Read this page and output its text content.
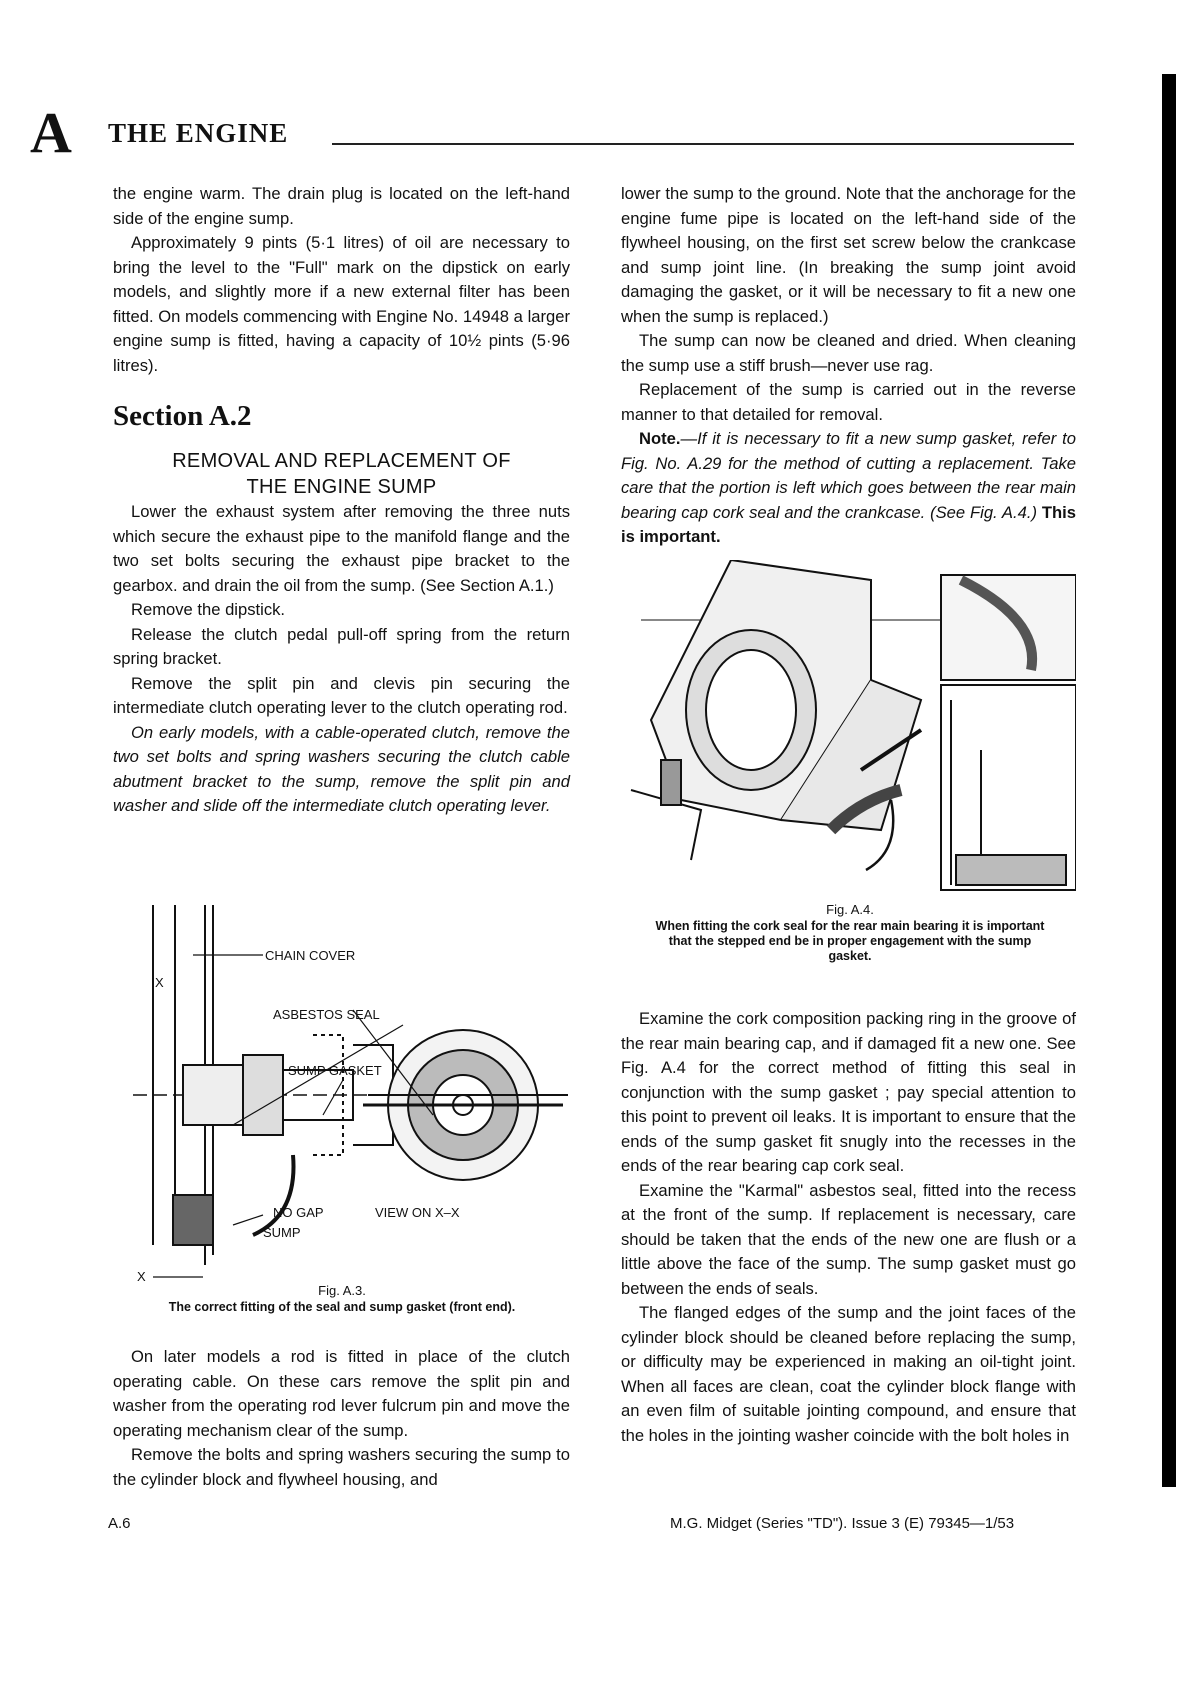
A THE ENGINE

the engine warm. The drain plug is located on the left-hand side of the engine sump.

Approximately 9 pints (5·1 litres) of oil are necessary to bring the level to the "Full" mark on the dipstick on early models, and slightly more if a new external filter has been fitted. On models commencing with Engine No. 14948 a larger engine sump is fitted, having a capacity of 10½ pints (5·96 litres).

Section A.2
REMOVAL AND REPLACEMENT OF
THE ENGINE SUMP

Lower the exhaust system after removing the three nuts which secure the exhaust pipe to the manifold flange and the two set bolts securing the exhaust pipe bracket to the gearbox. and drain the oil from the sump. (See Section A.1.)

Remove the dipstick.

Release the clutch pedal pull-off spring from the return spring bracket.

Remove the split pin and clevis pin securing the intermediate clutch operating lever to the clutch operating rod.

On early models, with a cable-operated clutch, remove the two set bolts and spring washers securing the clutch cable abutment bracket to the sump, remove the split pin and washer and slide off the intermediate clutch operating lever.

CHAIN COVER
ASBESTOS SEAL
SUMP GASKET
NO GAP
SUMP
VIEW ON X–X
X
X
Fig. A.3.
The correct fitting of the seal and sump gasket (front end).

On later models a rod is fitted in place of the clutch operating cable. On these cars remove the split pin and washer from the operating rod lever fulcrum pin and move the operating mechanism clear of the sump.

Remove the bolts and spring washers securing the sump to the cylinder block and flywheel housing, and

lower the sump to the ground. Note that the anchorage for the engine fume pipe is located on the left-hand side of the flywheel housing, on the first set screw below the crankcase and sump joint line. (In breaking the sump joint avoid damaging the gasket, or it will be necessary to fit a new one when the sump is replaced.)

The sump can now be cleaned and dried. When cleaning the sump use a stiff brush—never use rag.

Replacement of the sump is carried out in the reverse manner to that detailed for removal.

Note.—If it is necessary to fit a new sump gasket, refer to Fig. No. A.29 for the method of cutting a replacement. Take care that the portion is left which goes between the rear main bearing cap cork seal and the crankcase. (See Fig. A.4.) This is important.

Fig. A.4.
When fitting the cork seal for the rear main bearing it is important that the stepped end be in proper engagement with the sump gasket.

Examine the cork composition packing ring in the groove of the rear main bearing cap, and if damaged fit a new one. See Fig. A.4 for the correct method of fitting this seal in conjunction with the sump gasket ; pay special attention to this point to prevent oil leaks. It is important to ensure that the ends of the sump gasket fit snugly into the recesses in the ends of the rear bearing cap cork seal.

Examine the "Karmal" asbestos seal, fitted into the recess at the front of the sump. If replacement is necessary, care should be taken that the ends of the new one are flush or a little above the face of the sump. The sump gasket must go between the ends of seals.

The flanged edges of the sump and the joint faces of the cylinder block should be cleaned before replacing the sump, or difficulty may be experienced in making an oil-tight joint. When all faces are clean, coat the cylinder block flange with an even film of suitable jointing compound, and ensure that the holes in the jointing washer coincide with the bolt holes in

A.6	M.G. Midget (Series "TD"). Issue 3 (E) 79345—1/53
